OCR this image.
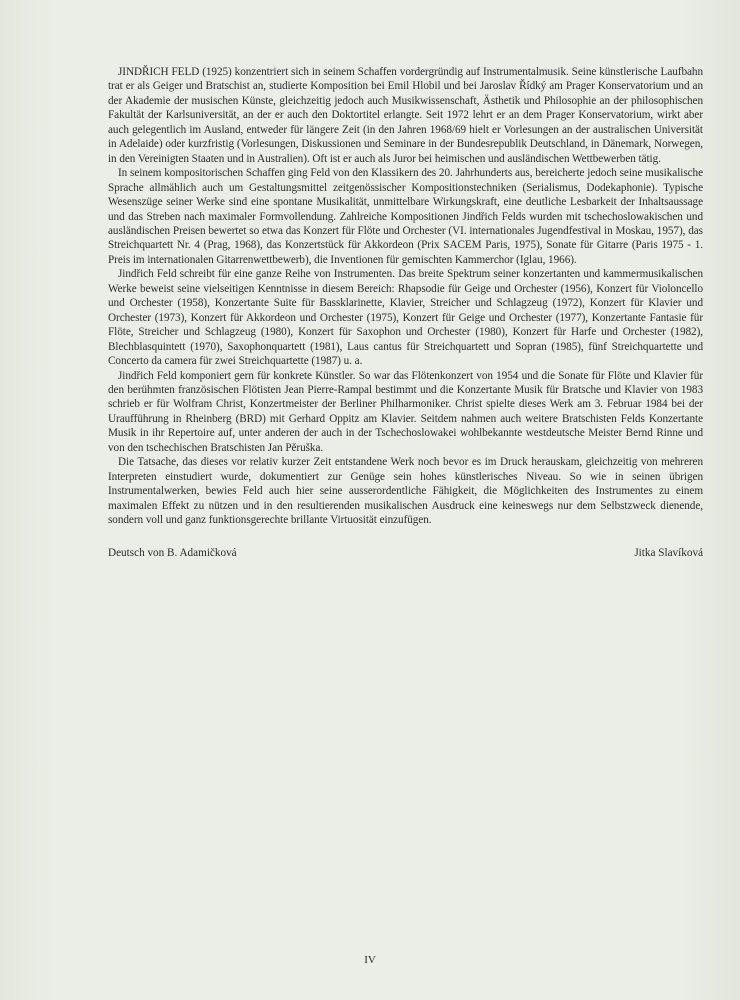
JINDŘICH FELD (1925) konzentriert sich in seinem Schaffen vordergründig auf Instrumentalmusik. Seine künstlerische Laufbahn trat er als Geiger und Bratschist an, studierte Komposition bei Emil Hlobil und bei Jaroslav Řídký am Prager Konservatorium und an der Akademie der musischen Künste, gleichzeitig jedoch auch Musikwissenschaft, Ästhetik und Philosophie an der philosophischen Fakultät der Karlsuniversität, an der er auch den Doktortitel erlangte. Seit 1972 lehrt er an dem Prager Konservatorium, wirkt aber auch gelegentlich im Ausland, entweder für längere Zeit (in den Jahren 1968/69 hielt er Vorlesungen an der australischen Universität in Adelaide) oder kurzfristig (Vorlesungen, Diskussionen und Seminare in der Bundesrepublik Deutschland, in Dänemark, Norwegen, in den Vereinigten Staaten und in Australien). Oft ist er auch als Juror bei heimischen und ausländischen Wettbewerben tätig.

In seinem kompositorischen Schaffen ging Feld von den Klassikern des 20. Jahrhunderts aus, bereicherte jedoch seine musikalische Sprache allmählich auch um Gestaltungsmittel zeitgenössischer Kompositionstechniken (Serialismus, Dodekaphonie). Typische Wesenszüge seiner Werke sind eine spontane Musikalität, unmittelbare Wirkungskraft, eine deutliche Lesbarkeit der Inhaltsaussage und das Streben nach maximaler Formvollendung. Zahlreiche Kompositionen Jindřich Felds wurden mit tschechoslowakischen und ausländischen Preisen bewertet so etwa das Konzert für Flöte und Orchester (VI. internationales Jugendfestival in Moskau, 1957), das Streichquartett Nr. 4 (Prag, 1968), das Konzertstück für Akkordeon (Prix SACEM Paris, 1975), Sonate für Gitarre (Paris 1975 - 1. Preis im internationalen Gitarrenwettbewerb), die Inventionen für gemischten Kammerchor (Iglau, 1966).

Jindřich Feld schreibt für eine ganze Reihe von Instrumenten. Das breite Spektrum seiner konzertanten und kammermusikalischen Werke beweist seine vielseitigen Kenntnisse in diesem Bereich: Rhapsodie für Geige und Orchester (1956), Konzert für Violoncello und Orchester (1958), Konzertante Suite für Bassklarinette, Klavier, Streicher und Schlagzeug (1972), Konzert für Klavier und Orchester (1973), Konzert für Akkordeon und Orchester (1975), Konzert für Geige und Orchester (1977), Konzertante Fantasie für Flöte, Streicher und Schlagzeug (1980), Konzert für Saxophon und Orchester (1980), Konzert für Harfe und Orchester (1982), Blechblasquintett (1970), Saxophonquartett (1981), Laus cantus für Streichquartett und Sopran (1985), fünf Streichquartette und Concerto da camera für zwei Streichquartette (1987) u. a.

Jindřich Feld komponiert gern für konkrete Künstler. So war das Flötenkonzert von 1954 und die Sonate für Flöte und Klavier für den berühmten französischen Flötisten Jean Pierre-Rampal bestimmt und die Konzertante Musik für Bratsche und Klavier von 1983 schrieb er für Wolfram Christ, Konzertmeister der Berliner Philharmoniker. Christ spielte dieses Werk am 3. Februar 1984 bei der Uraufführung in Rheinberg (BRD) mit Gerhard Oppitz am Klavier. Seitdem nahmen auch weitere Bratschisten Felds Konzertante Musik in ihr Repertoire auf, unter anderen der auch in der Tschechoslowakei wohlbekannte westdeutsche Meister Bernd Rinne und von den tschechischen Bratschisten Jan Pěruška.

Die Tatsache, das dieses vor relativ kurzer Zeit entstandene Werk noch bevor es im Druck herauskam, gleichzeitig von mehreren Interpreten einstudiert wurde, dokumentiert zur Genüge sein hohes künstlerisches Niveau. So wie in seinen übrigen Instrumentalwerken, bewies Feld auch hier seine ausserordentliche Fähigkeit, die Möglichkeiten des Instrumentes zu einem maximalen Effekt zu nützen und in den resultierenden musikalischen Ausdruck eine keineswegs nur dem Selbstzweck dienende, sondern voll und ganz funktionsgerechte brillante Virtuosität einzufügen.

Deutsch von B. Adamičková	Jitka Slavíková
IV
